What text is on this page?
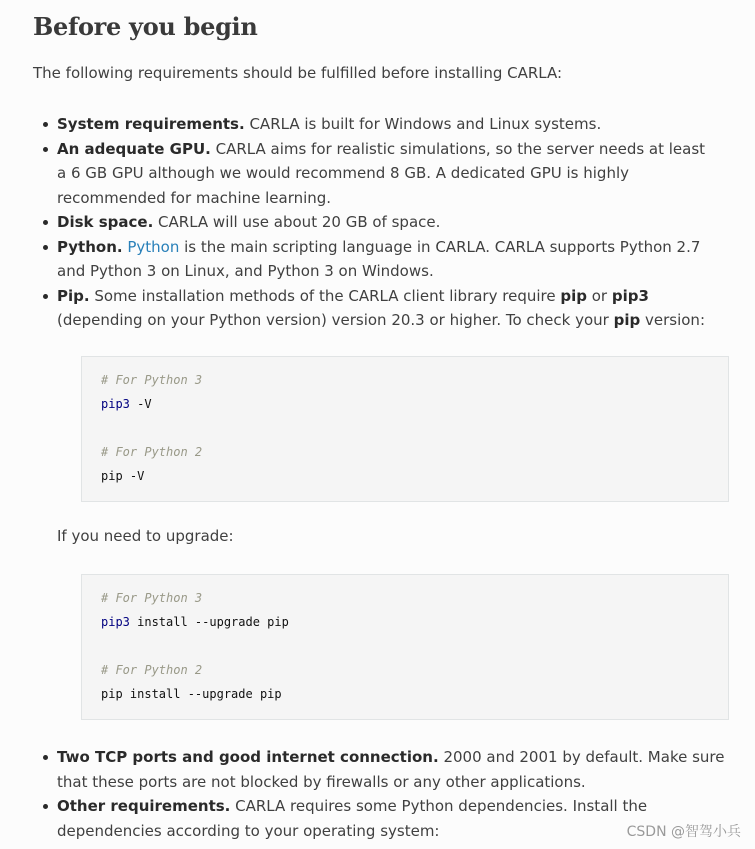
Before you begin

The following requirements should be fulfilled before installing CARLA:

System requirements. CARLA is built for Windows and Linux systems.
An adequate GPU. CARLA aims for realistic simulations, so the server needs at least a 6 GB GPU although we would recommend 8 GB. A dedicated GPU is highly recommended for machine learning.
Disk space. CARLA will use about 20 GB of space.
Python. Python is the main scripting language in CARLA. CARLA supports Python 2.7 and Python 3 on Linux, and Python 3 on Windows.
Pip. Some installation methods of the CARLA client library require pip or pip3 (depending on your Python version) version 20.3 or higher. To check your pip version:
# For Python 3
pip3 -V
# For Python 2
pip -V

If you need to upgrade:

# For Python 3
pip3 install --upgrade pip
# For Python 2
pip install --upgrade pip
Two TCP ports and good internet connection. 2000 and 2001 by default. Make sure that these ports are not blocked by firewalls or any other applications.
Other requirements. CARLA requires some Python dependencies. Install the dependencies according to your operating system:	CSDN @智驾小兵
